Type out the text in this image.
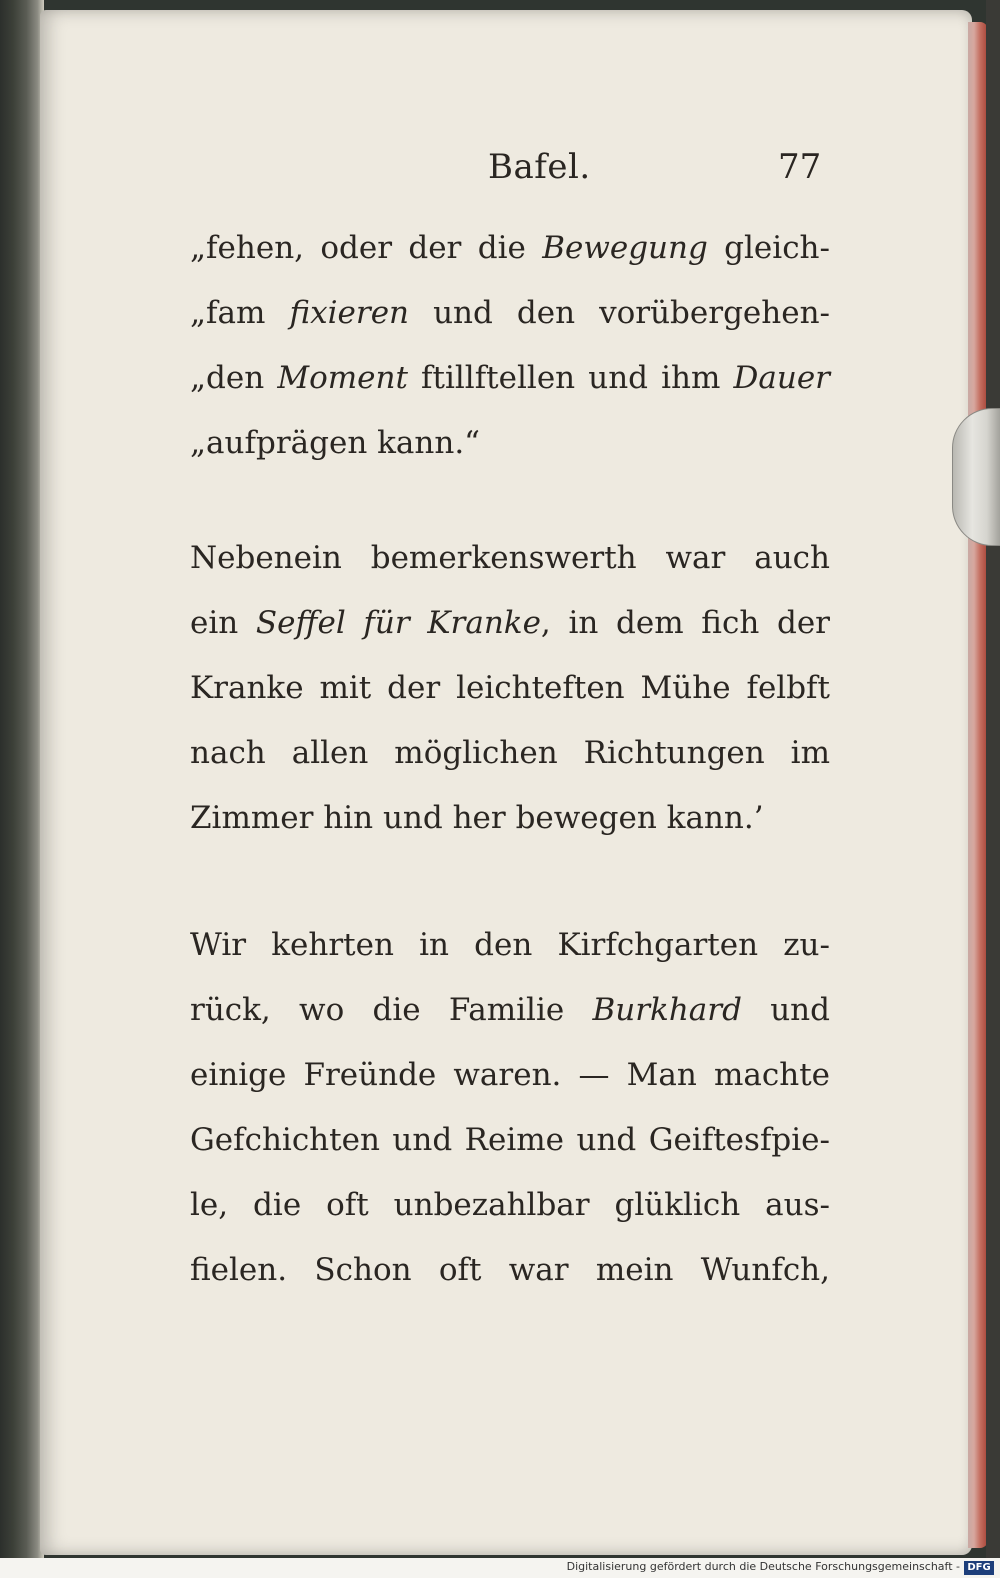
Bafel.	77
„fehen, oder der die Bewegung gleich-
„fam fixieren und den vorübergehen-
„den Moment ftillftellen und ihm Dauer
„aufprägen kann.“
Nebenein bemerkenswerth war auch
ein Seffel für Kranke, in dem fich der
Kranke mit der leichteften Mühe felbft
nach allen möglichen Richtungen im
Zimmer hin und her bewegen kann.’
Wir kehrten in den Kirfchgarten zu-
rück, wo die Familie Burkhard und
einige Freünde waren. — Man machte
Gefchichten und Reime und Geiftesfpie-
le, die oft unbezahlbar glüklich aus-
fielen. Schon oft war mein Wunfch,
Digitalisierung gefördert durch die Deutsche Forschungsgemeinschaft - DFG
